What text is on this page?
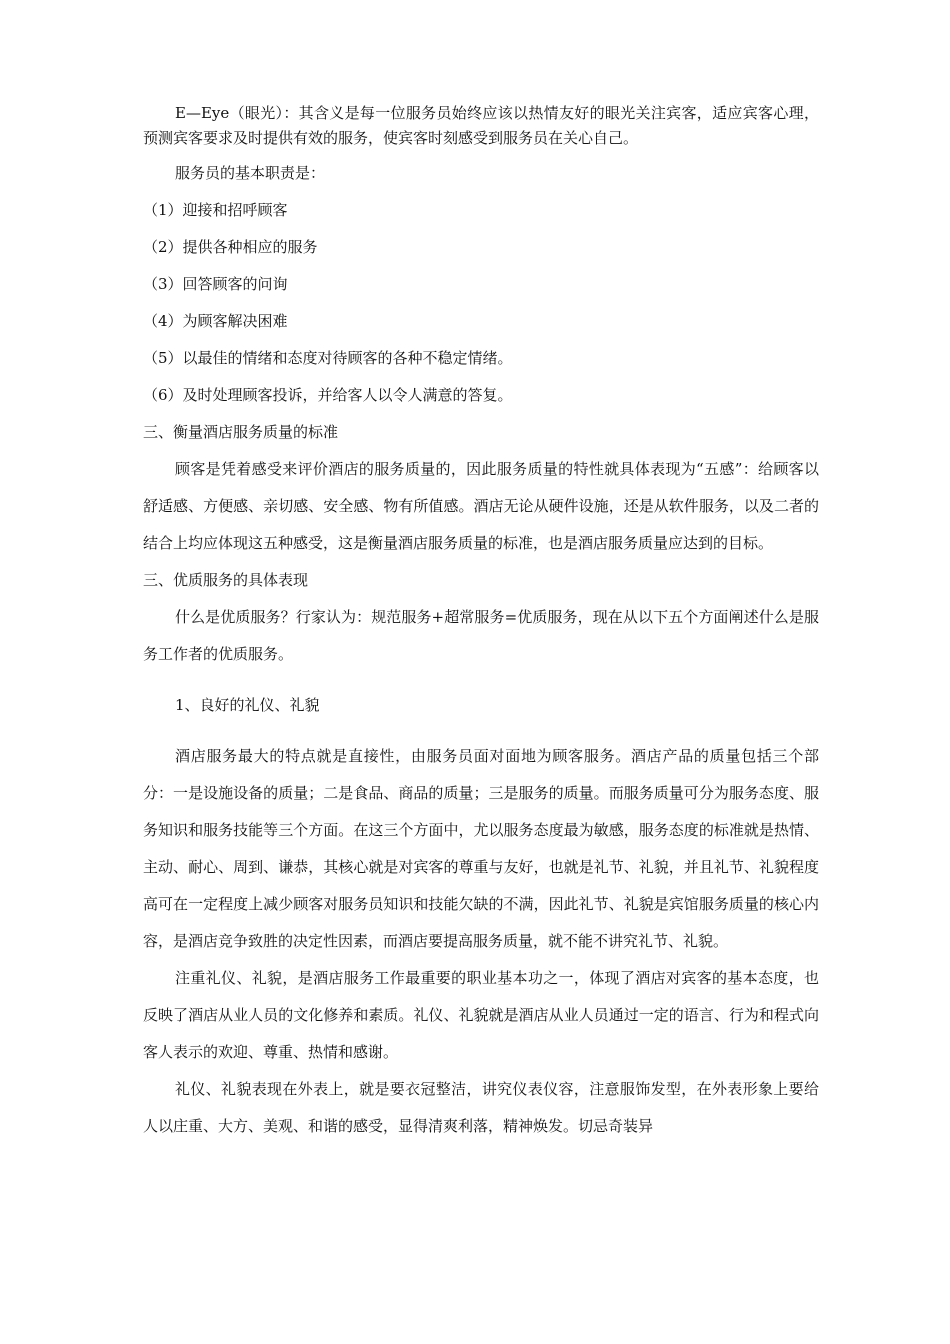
E—Eye（眼光）：其含义是每一位服务员始终应该以热情友好的眼光关注宾客，适应宾客心理，预测宾客要求及时提供有效的服务，使宾客时刻感受到服务员在关心自己。

服务员的基本职责是：

（1）迎接和招呼顾客

（2）提供各种相应的服务

（3）回答顾客的问询

（4）为顾客解决困难

（5）以最佳的情绪和态度对待顾客的各种不稳定情绪。

（6）及时处理顾客投诉，并给客人以令人满意的答复。

三、衡量酒店服务质量的标准

顾客是凭着感受来评价酒店的服务质量的，因此服务质量的特性就具体表现为“五感”：给顾客以舒适感、方便感、亲切感、安全感、物有所值感。酒店无论从硬件设施，还是从软件服务，以及二者的结合上均应体现这五种感受，这是衡量酒店服务质量的标准，也是酒店服务质量应达到的目标。

三、优质服务的具体表现

什么是优质服务？行家认为：规范服务+超常服务=优质服务，现在从以下五个方面阐述什么是服务工作者的优质服务。

1、良好的礼仪、礼貌

酒店服务最大的特点就是直接性，由服务员面对面地为顾客服务。酒店产品的质量包括三个部分：一是设施设备的质量；二是食品、商品的质量；三是服务的质量。而服务质量可分为服务态度、服务知识和服务技能等三个方面。在这三个方面中，尤以服务态度最为敏感，服务态度的标准就是热情、主动、耐心、周到、谦恭，其核心就是对宾客的尊重与友好，也就是礼节、礼貌，并且礼节、礼貌程度高可在一定程度上减少顾客对服务员知识和技能欠缺的不满，因此礼节、礼貌是宾馆服务质量的核心内容，是酒店竞争致胜的决定性因素，而酒店要提高服务质量，就不能不讲究礼节、礼貌。

注重礼仪、礼貌，是酒店服务工作最重要的职业基本功之一，体现了酒店对宾客的基本态度，也反映了酒店从业人员的文化修养和素质。礼仪、礼貌就是酒店从业人员通过一定的语言、行为和程式向客人表示的欢迎、尊重、热情和感谢。

礼仪、礼貌表现在外表上，就是要衣冠整洁，讲究仪表仪容，注意服饰发型，在外表形象上要给人以庄重、大方、美观、和谐的感受，显得清爽利落，精神焕发。切忌奇装异
